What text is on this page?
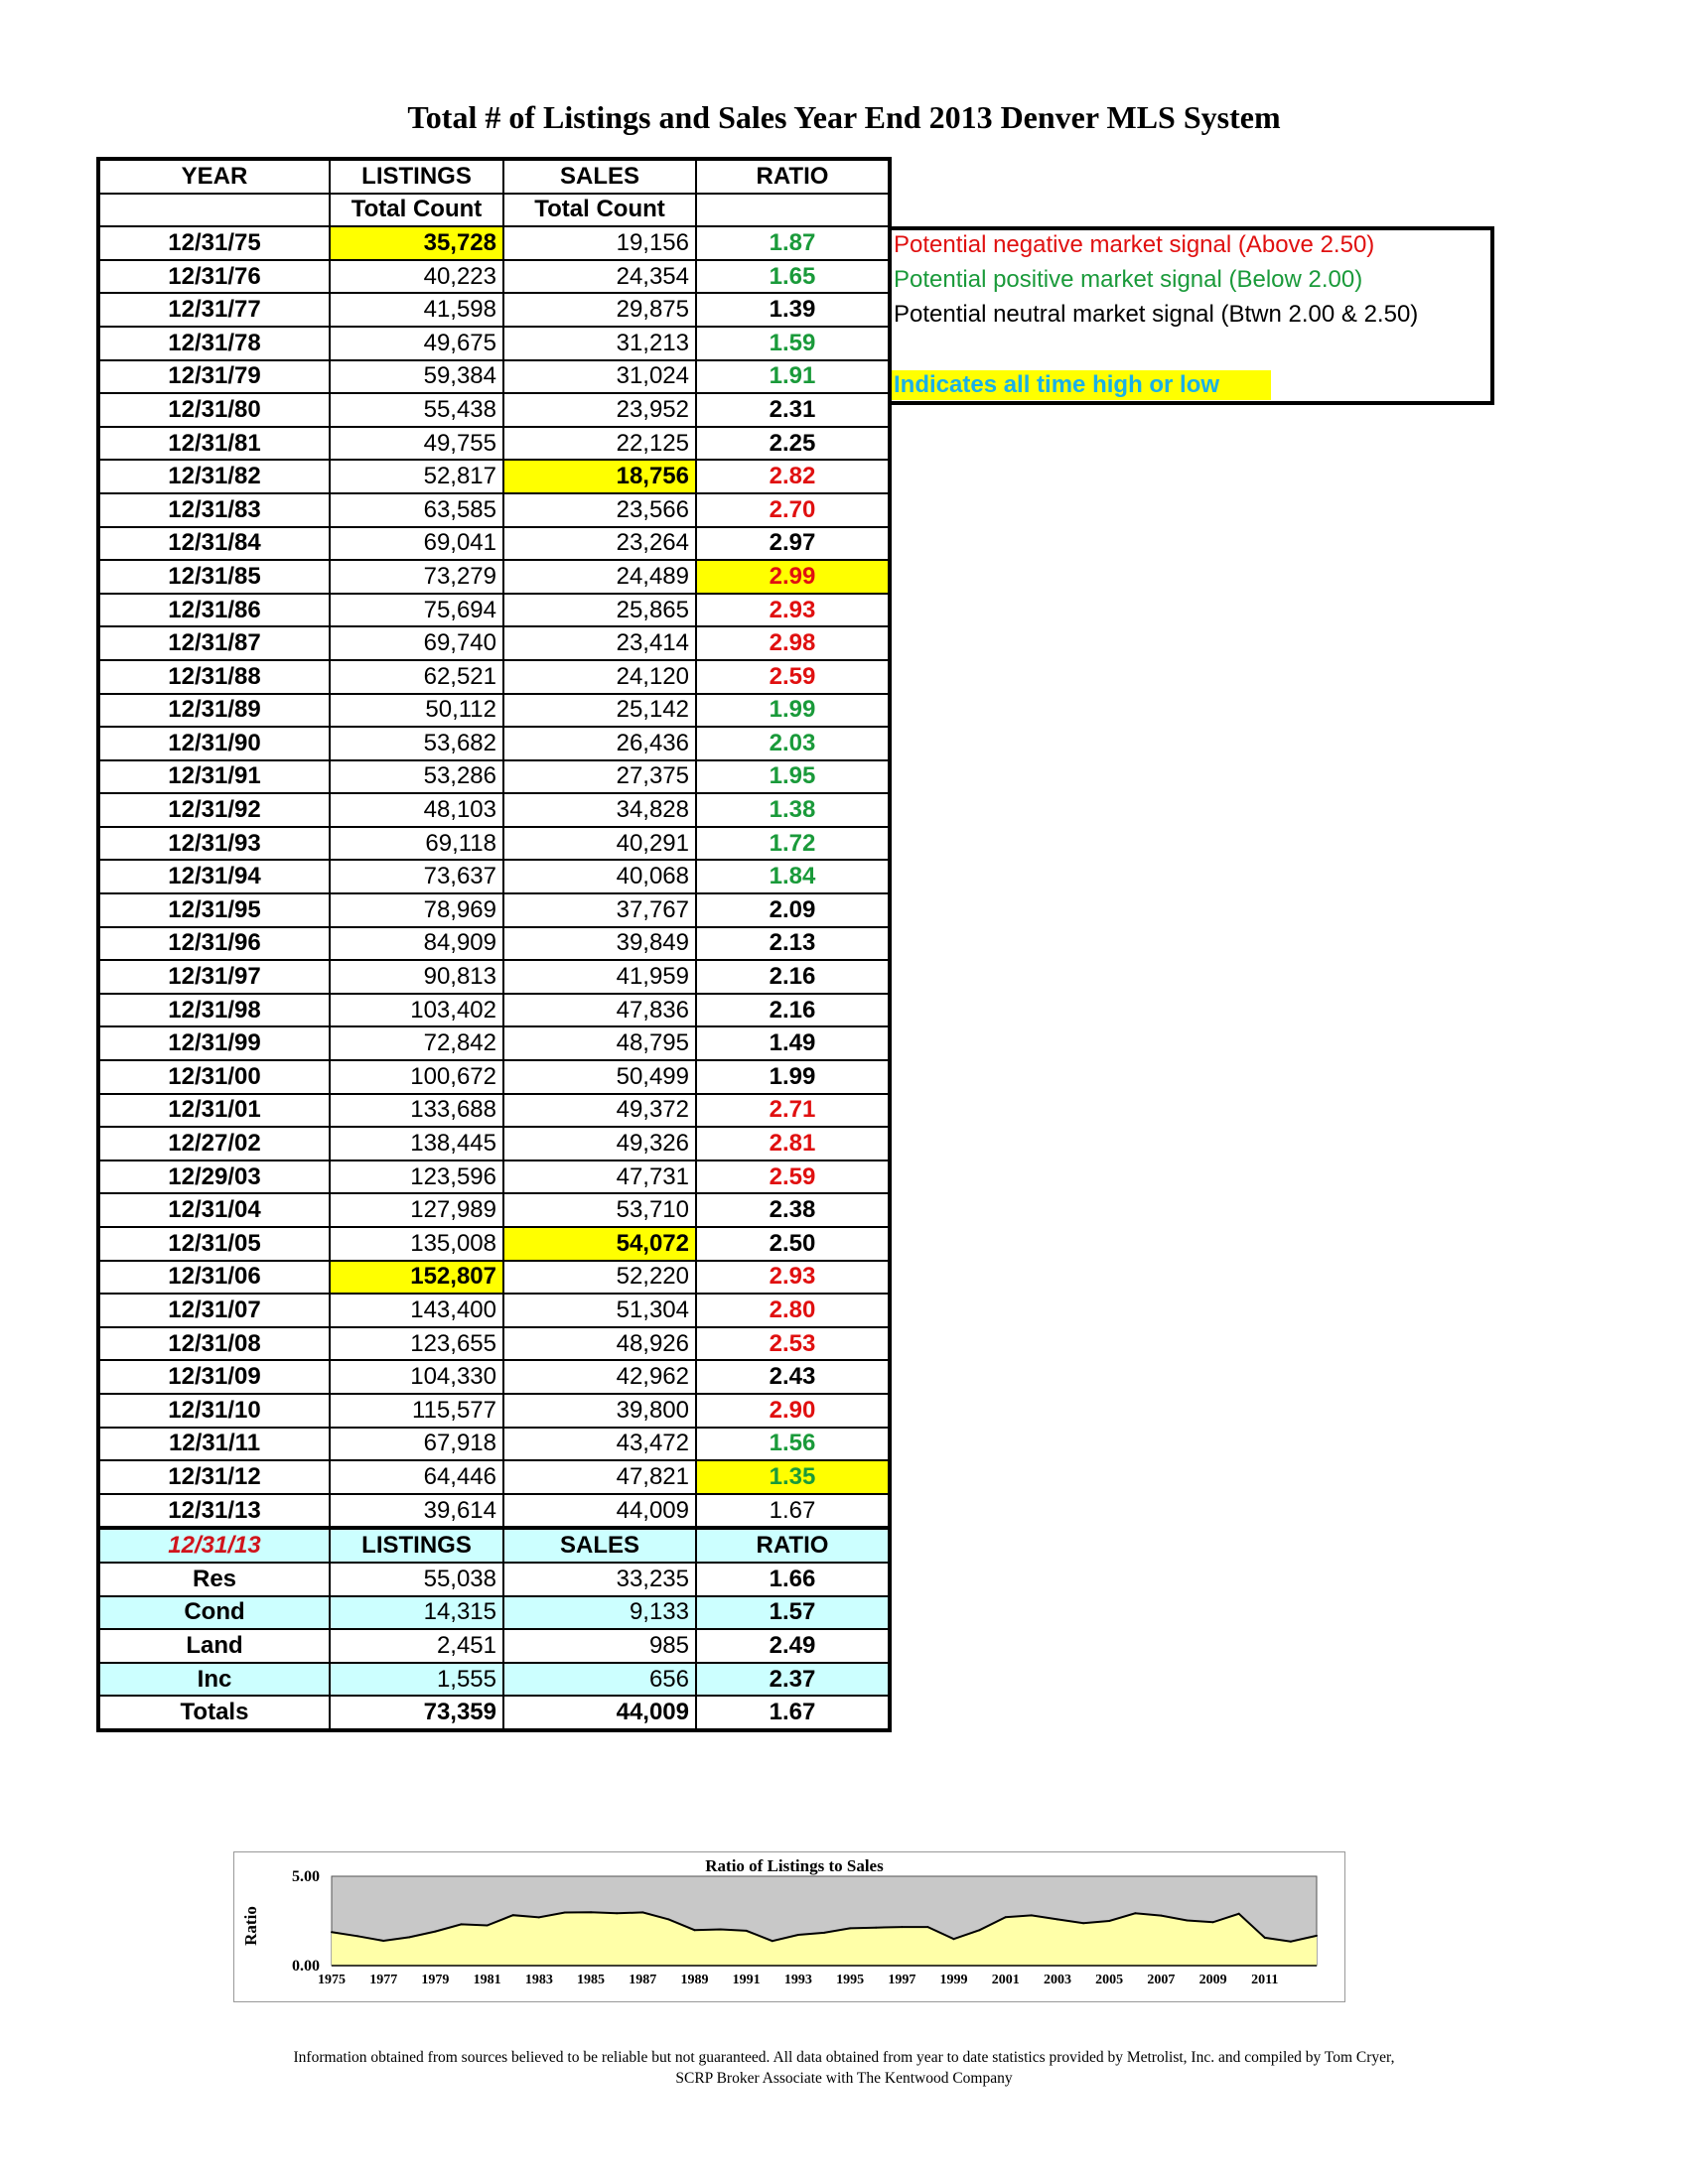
Total # of Listings and Sales Year End 2013 Denver MLS System
YEAR	LISTINGS	SALES	RATIO
	Total Count	Total Count	
12/31/75	35,728	19,156	1.87
12/31/76	40,223	24,354	1.65
12/31/77	41,598	29,875	1.39
12/31/78	49,675	31,213	1.59
12/31/79	59,384	31,024	1.91
12/31/80	55,438	23,952	2.31
12/31/81	49,755	22,125	2.25
12/31/82	52,817	18,756	2.82
12/31/83	63,585	23,566	2.70
12/31/84	69,041	23,264	2.97
12/31/85	73,279	24,489	2.99
12/31/86	75,694	25,865	2.93
12/31/87	69,740	23,414	2.98
12/31/88	62,521	24,120	2.59
12/31/89	50,112	25,142	1.99
12/31/90	53,682	26,436	2.03
12/31/91	53,286	27,375	1.95
12/31/92	48,103	34,828	1.38
12/31/93	69,118	40,291	1.72
12/31/94	73,637	40,068	1.84
12/31/95	78,969	37,767	2.09
12/31/96	84,909	39,849	2.13
12/31/97	90,813	41,959	2.16
12/31/98	103,402	47,836	2.16
12/31/99	72,842	48,795	1.49
12/31/00	100,672	50,499	1.99
12/31/01	133,688	49,372	2.71
12/27/02	138,445	49,326	2.81
12/29/03	123,596	47,731	2.59
12/31/04	127,989	53,710	2.38
12/31/05	135,008	54,072	2.50
12/31/06	152,807	52,220	2.93
12/31/07	143,400	51,304	2.80
12/31/08	123,655	48,926	2.53
12/31/09	104,330	42,962	2.43
12/31/10	115,577	39,800	2.90
12/31/11	67,918	43,472	1.56
12/31/12	64,446	47,821	1.35
12/31/13	39,614	44,009	1.67
12/31/13	LISTINGS	SALES	RATIO
Res	55,038	33,235	1.66
Cond	14,315	9,133	1.57
Land	2,451	985	2.49
Inc	1,555	656	2.37
Totals	73,359	44,009	1.67
Potential negative market signal (Above 2.50)
Potential positive market signal (Below 2.00)
Potential neutral market signal (Btwn 2.00 & 2.50)
Indicates all time high or low
Ratio of Listings to Sales
Ratio
5.00
0.00
1975 1977 1979 1981 1983 1985 1987 1989 1991 1993 1995 1997 1999 2001 2003 2005 2007 2009 2011
Information obtained from sources believed to be reliable but not guaranteed. All data obtained from year to date statistics provided by Metrolist, Inc. and compiled by Tom Cryer,
SCRP Broker Associate with The Kentwood Company
